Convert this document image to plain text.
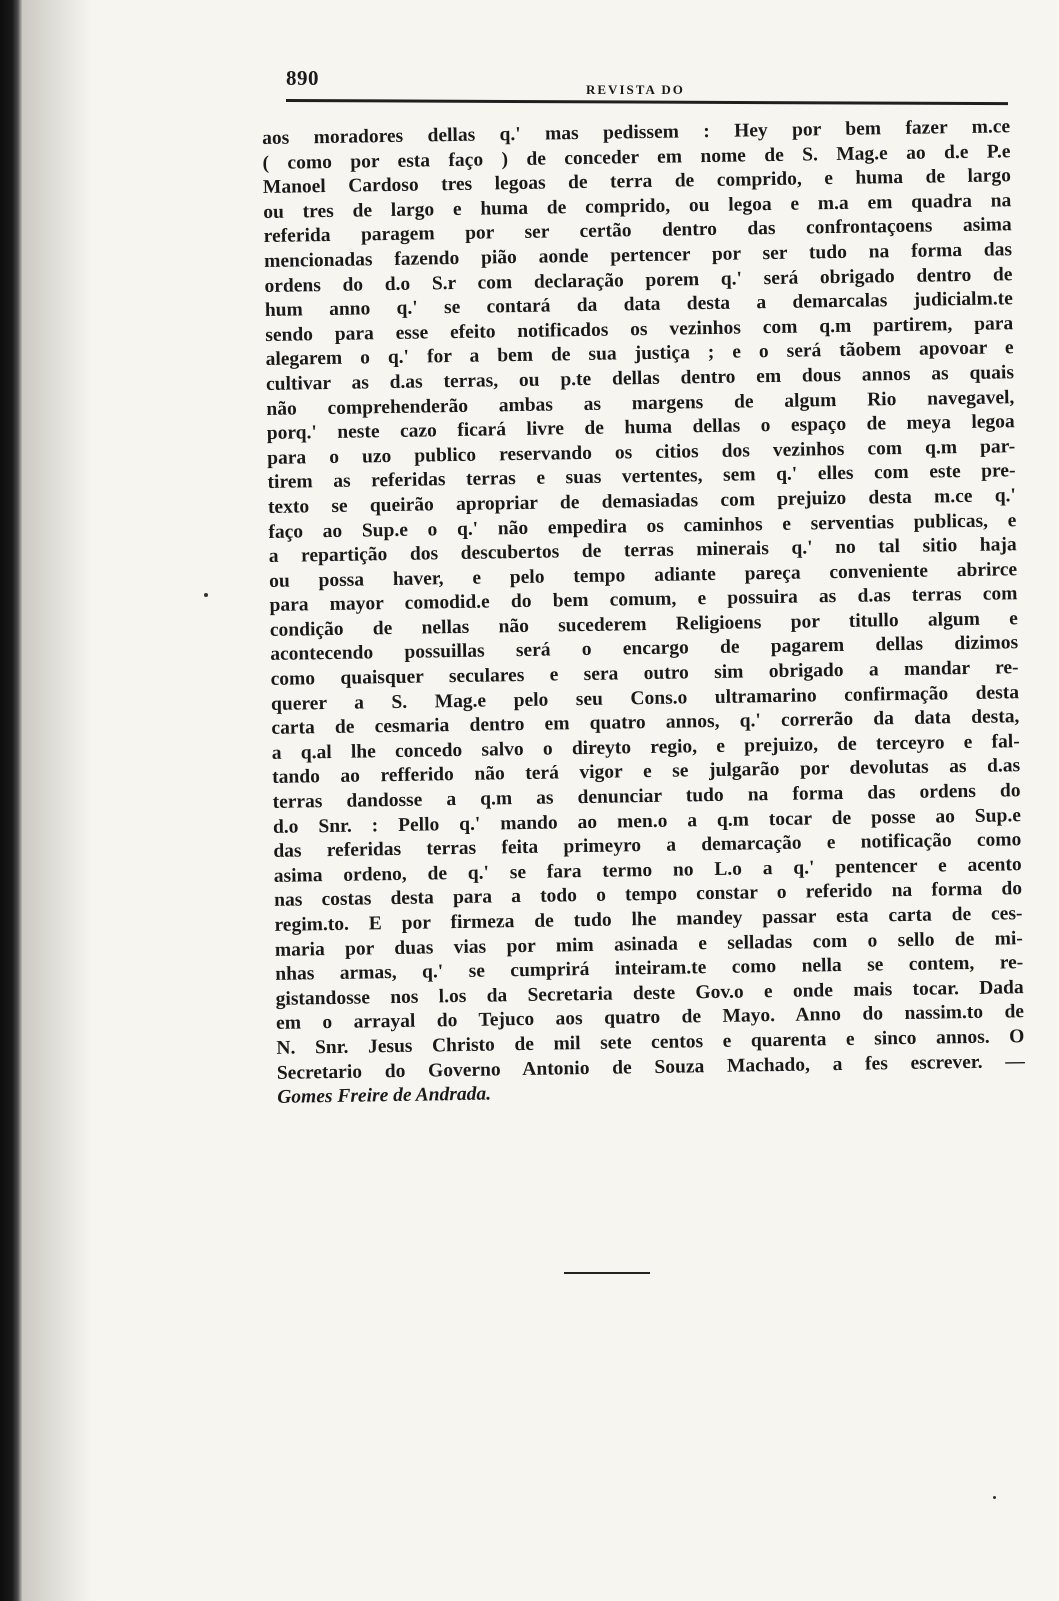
890	REVISTA DO
aos moradores dellas q.' mas pedissem : Hey por bem fazer m.ce
( como por esta faço ) de conceder em nome de S. Mag.e ao d.e P.e
Manoel Cardoso tres legoas de terra de comprido, e huma de largo
ou tres de largo e huma de comprido, ou legoa e m.a em quadra na
referida paragem por ser certão dentro das confrontaçoens asima
mencionadas fazendo pião aonde pertencer por ser tudo na forma das
ordens do d.o S.r com declaração porem q.' será obrigado dentro de
hum anno q.' se contará da data desta a demarcalas judicialm.te
sendo para esse efeito notificados os vezinhos com q.m partirem, para
alegarem o q.' for a bem de sua justiça ; e o será tãobem apovoar e
cultivar as d.as terras, ou p.te dellas dentro em dous annos as quais
não comprehenderão ambas as margens de algum Rio navegavel,
porq.' neste cazo ficará livre de huma dellas o espaço de meya legoa
para o uzo publico reservando os citios dos vezinhos com q.m par-
tirem as referidas terras e suas vertentes, sem q.' elles com este pre-
texto se queirão apropriar de demasiadas com prejuizo desta m.ce q.'
faço ao Sup.e o q.' não empedira os caminhos e serventias publicas, e
a repartição dos descubertos de terras minerais q.' no tal sitio haja
ou possa haver, e pelo tempo adiante pareça conveniente abrirce
para mayor comodid.e do bem comum, e possuira as d.as terras com
condição de nellas não sucederem Religioens por titullo algum e
acontecendo possuillas será o encargo de pagarem dellas dizimos
como quaisquer seculares e sera outro sim obrigado a mandar re-
querer a S. Mag.e pelo seu Cons.o ultramarino confirmação desta
carta de cesmaria dentro em quatro annos, q.' correrão da data desta,
a q.al lhe concedo salvo o direyto regio, e prejuizo, de terceyro e fal-
tando ao refferido não terá vigor e se julgarão por devolutas as d.as
terras dandosse a q.m as denunciar tudo na forma das ordens do
d.o Snr. : Pello q.' mando ao men.o a q.m tocar de posse ao Sup.e
das referidas terras feita primeyro a demarcação e notificação como
asima ordeno, de q.' se fara termo no L.o a q.' pentencer e acento
nas costas desta para a todo o tempo constar o referido na forma do
regim.to. E por firmeza de tudo lhe mandey passar esta carta de ces-
maria por duas vias por mim asinada e selladas com o sello de mi-
nhas armas, q.' se cumprirá inteiram.te como nella se contem, re-
gistandosse nos l.os da Secretaria deste Gov.o e onde mais tocar. Dada
em o arrayal do Tejuco aos quatro de Mayo. Anno do nassim.to de
N. Snr. Jesus Christo de mil sete centos e quarenta e sinco annos. O
Secretario do Governo Antonio de Souza Machado, a fes escrever. —
Gomes Freire de Andrada.
